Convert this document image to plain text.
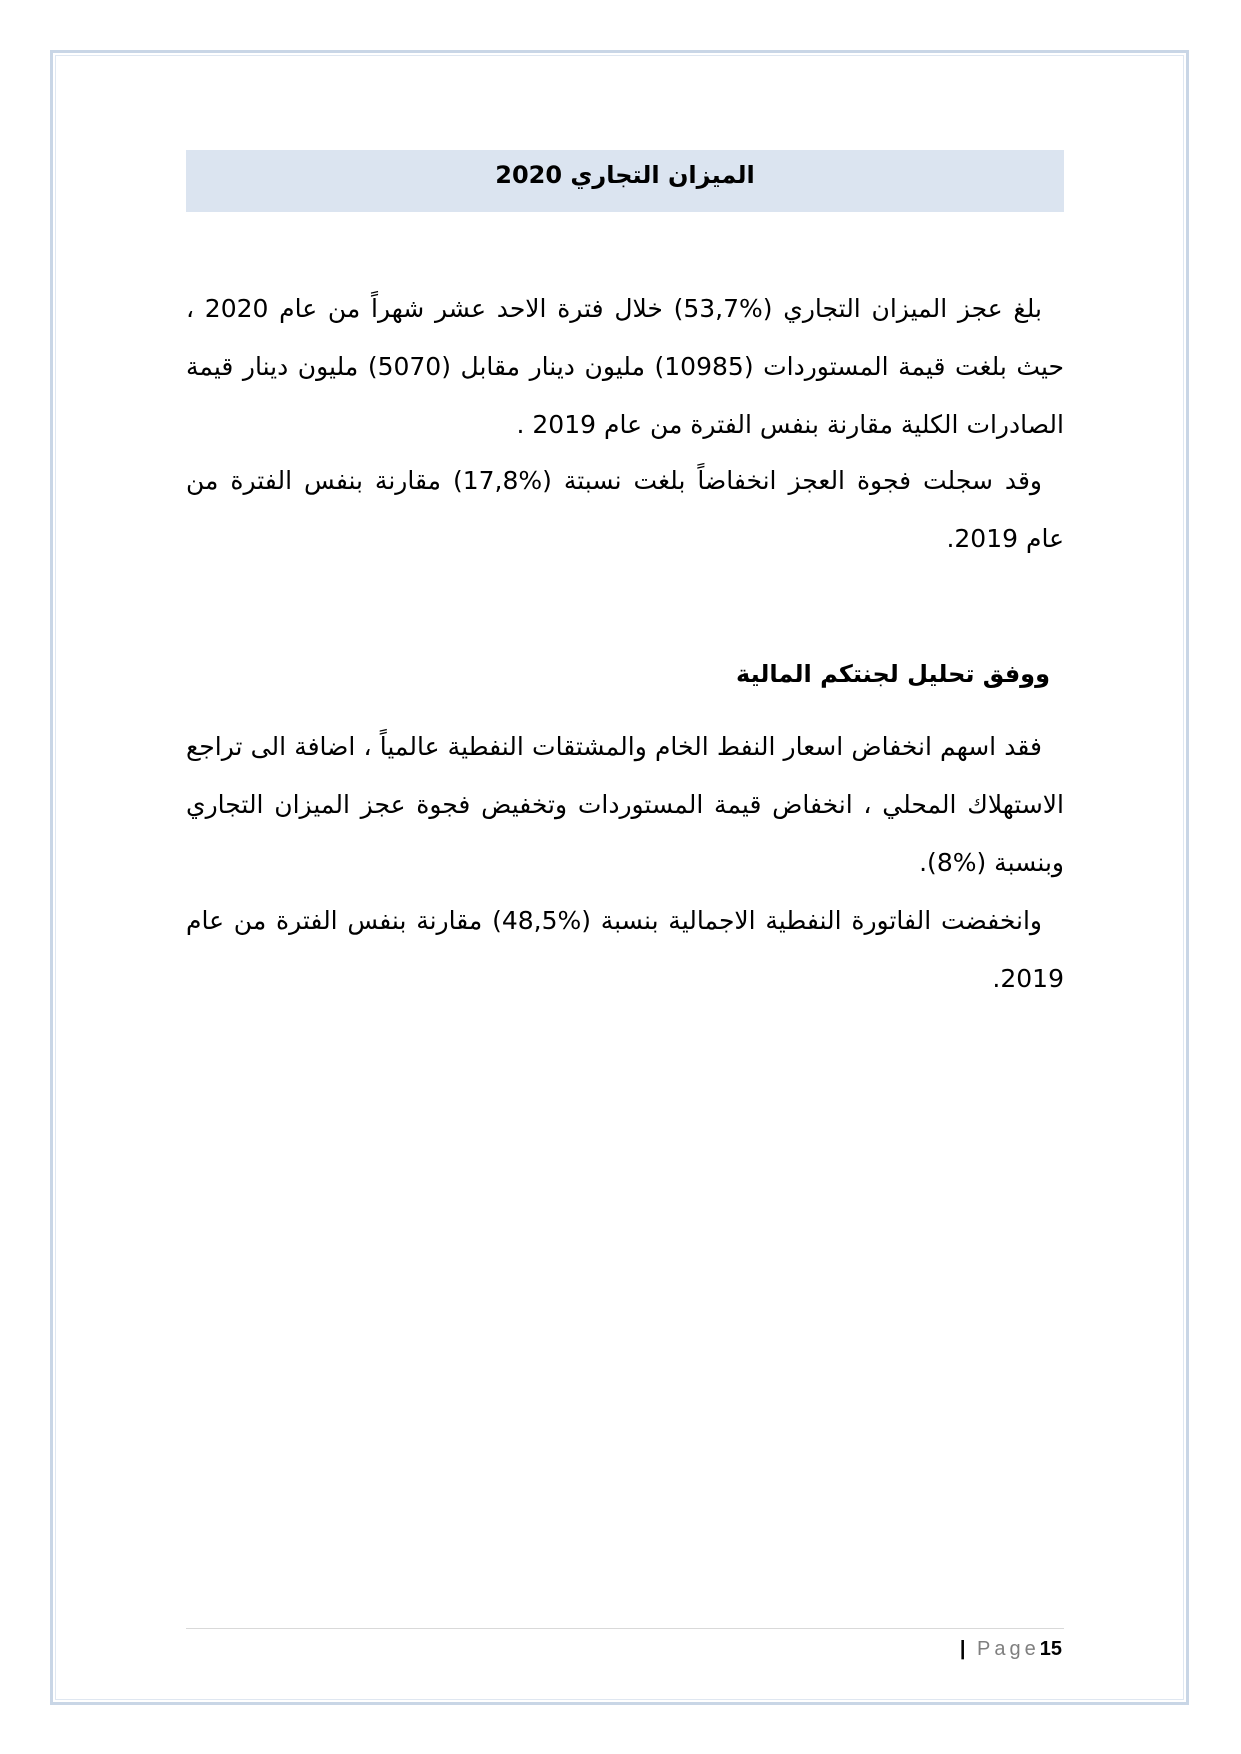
الميزان التجاري 2020

بلغ عجز الميزان التجاري (%53,7) خلال فترة الاحد عشر شهراً من عام 2020 ، حيث بلغت قيمة المستوردات (10985) مليون دينار مقابل (5070) مليون دينار قيمة الصادرات الكلية مقارنة بنفس الفترة من عام 2019 .

وقد سجلت فجوة العجز انخفاضاً بلغت نسبتة (%17,8) مقارنة بنفس الفترة من عام 2019.

ووفق تحليل لجنتكم المالية

فقد اسهم انخفاض اسعار النفط الخام والمشتقات النفطية عالمياً ، اضافة الى تراجع الاستهلاك المحلي ، انخفاض قيمة المستوردات وتخفيض فجوة عجز الميزان التجاري وبنسبة (%8).

وانخفضت الفاتورة النفطية الاجمالية بنسبة (%48,5) مقارنة بنفس الفترة من عام 2019.

| Page15
